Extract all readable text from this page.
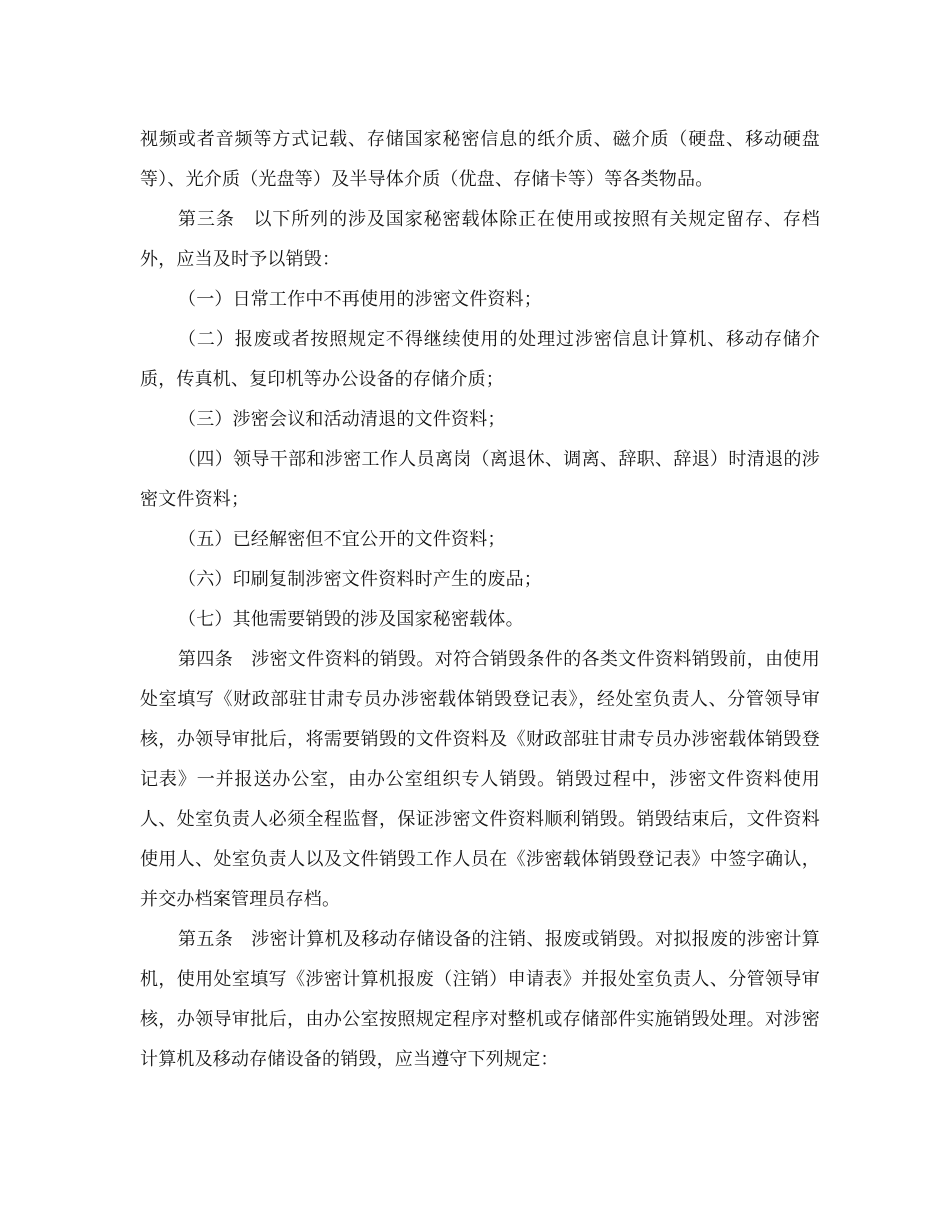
视频或者音频等方式记载、存储国家秘密信息的纸介质、磁介质（硬盘、移动硬盘等）、光介质（光盘等）及半导体介质（优盘、存储卡等）等各类物品。

第三条 以下所列的涉及国家秘密载体除正在使用或按照有关规定留存、存档外，应当及时予以销毁：

（一）日常工作中不再使用的涉密文件资料；

（二）报废或者按照规定不得继续使用的处理过涉密信息计算机、移动存储介质，传真机、复印机等办公设备的存储介质；

（三）涉密会议和活动清退的文件资料；

（四）领导干部和涉密工作人员离岗（离退休、调离、辞职、辞退）时清退的涉密文件资料；

（五）已经解密但不宜公开的文件资料；

（六）印刷复制涉密文件资料时产生的废品；

（七）其他需要销毁的涉及国家秘密载体。

第四条 涉密文件资料的销毁。对符合销毁条件的各类文件资料销毁前，由使用处室填写《财政部驻甘肃专员办涉密载体销毁登记表》，经处室负责人、分管领导审核，办领导审批后，将需要销毁的文件资料及《财政部驻甘肃专员办涉密载体销毁登记表》一并报送办公室，由办公室组织专人销毁。销毁过程中，涉密文件资料使用人、处室负责人必须全程监督，保证涉密文件资料顺利销毁。销毁结束后，文件资料使用人、处室负责人以及文件销毁工作人员在《涉密载体销毁登记表》中签字确认，并交办档案管理员存档。

第五条 涉密计算机及移动存储设备的注销、报废或销毁。对拟报废的涉密计算机，使用处室填写《涉密计算机报废（注销）申请表》并报处室负责人、分管领导审核，办领导审批后，由办公室按照规定程序对整机或存储部件实施销毁处理。对涉密计算机及移动存储设备的销毁，应当遵守下列规定：
